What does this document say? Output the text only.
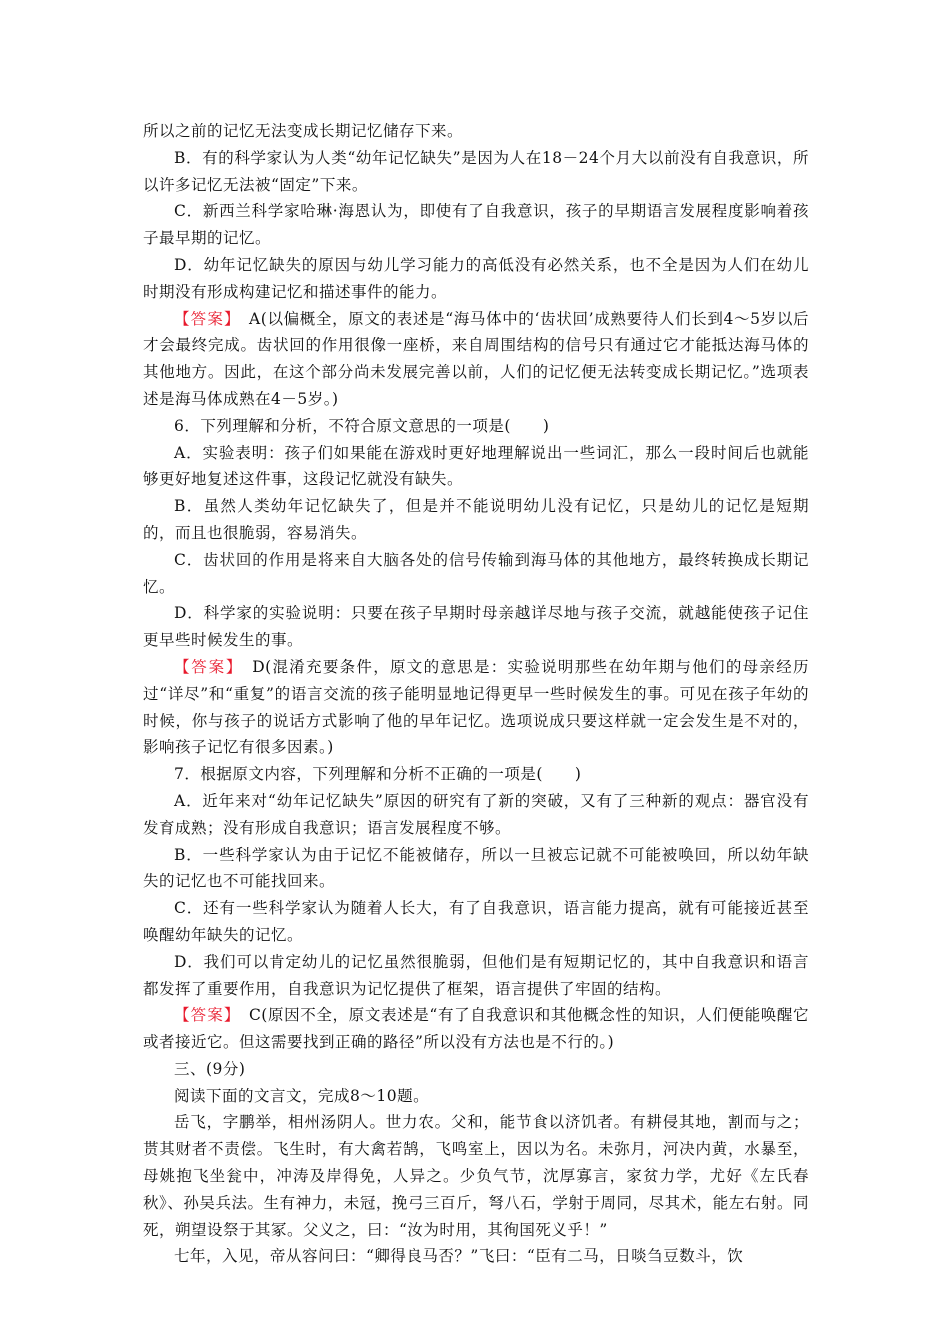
所以之前的记忆无法变成长期记忆储存下来。

B．有的科学家认为人类“幼年记忆缺失”是因为人在18－24个月大以前没有自我意识，所以许多记忆无法被“固定”下来。

C．新西兰科学家哈琳·海恩认为，即使有了自我意识，孩子的早期语言发展程度影响着孩子最早期的记忆。

D．幼年记忆缺失的原因与幼儿学习能力的高低没有必然关系，也不全是因为人们在幼儿时期没有形成构建记忆和描述事件的能力。

【答案】　A(以偏概全，原文的表述是“海马体中的‘齿状回’成熟要待人们长到4～5岁以后才会最终完成。齿状回的作用很像一座桥，来自周围结构的信号只有通过它才能抵达海马体的其他地方。因此，在这个部分尚未发展完善以前，人们的记忆便无法转变成长期记忆。”选项表述是海马体成熟在4－5岁。)

6．下列理解和分析，不符合原文意思的一项是(　　)

A．实验表明：孩子们如果能在游戏时更好地理解说出一些词汇，那么一段时间后也就能够更好地复述这件事，这段记忆就没有缺失。

B．虽然人类幼年记忆缺失了，但是并不能说明幼儿没有记忆，只是幼儿的记忆是短期的，而且也很脆弱，容易消失。

C．齿状回的作用是将来自大脑各处的信号传输到海马体的其他地方，最终转换成长期记忆。

D．科学家的实验说明：只要在孩子早期时母亲越详尽地与孩子交流，就越能使孩子记住更早些时候发生的事。

【答案】　D(混淆充要条件，原文的意思是：实验说明那些在幼年期与他们的母亲经历过“详尽”和“重复”的语言交流的孩子能明显地记得更早一些时候发生的事。可见在孩子年幼的时候，你与孩子的说话方式影响了他的早年记忆。选项说成只要这样就一定会发生是不对的，影响孩子记忆有很多因素。)

7．根据原文内容，下列理解和分析不正确的一项是(　　)

A．近年来对“幼年记忆缺失”原因的研究有了新的突破，又有了三种新的观点：器官没有发育成熟；没有形成自我意识；语言发展程度不够。

B．一些科学家认为由于记忆不能被储存，所以一旦被忘记就不可能被唤回，所以幼年缺失的记忆也不可能找回来。

C．还有一些科学家认为随着人长大，有了自我意识，语言能力提高，就有可能接近甚至唤醒幼年缺失的记忆。

D．我们可以肯定幼儿的记忆虽然很脆弱，但他们是有短期记忆的，其中自我意识和语言都发挥了重要作用，自我意识为记忆提供了框架，语言提供了牢固的结构。

【答案】　C(原因不全，原文表述是“有了自我意识和其他概念性的知识，人们便能唤醒它或者接近它。但这需要找到正确的路径”所以没有方法也是不行的。)

三、(9分)

阅读下面的文言文，完成8～10题。

岳飞，字鹏举，相州汤阴人。世力农。父和，能节食以济饥者。有耕侵其地，割而与之；贳其财者不责偿。飞生时，有大禽若鹄，飞鸣室上，因以为名。未弥月，河决内黄，水暴至，母姚抱飞坐瓮中，冲涛及岸得免，人异之。少负气节，沈厚寡言，家贫力学，尤好《左氏春秋》、孙吴兵法。生有神力，未冠，挽弓三百斤，弩八石，学射于周同，尽其术，能左右射。同死，朔望设祭于其冢。父义之，曰：“汝为时用，其徇国死义乎！”

七年，入见，帝从容问曰：“卿得良马否？”飞曰：“臣有二马，日啖刍豆数斗，饮
